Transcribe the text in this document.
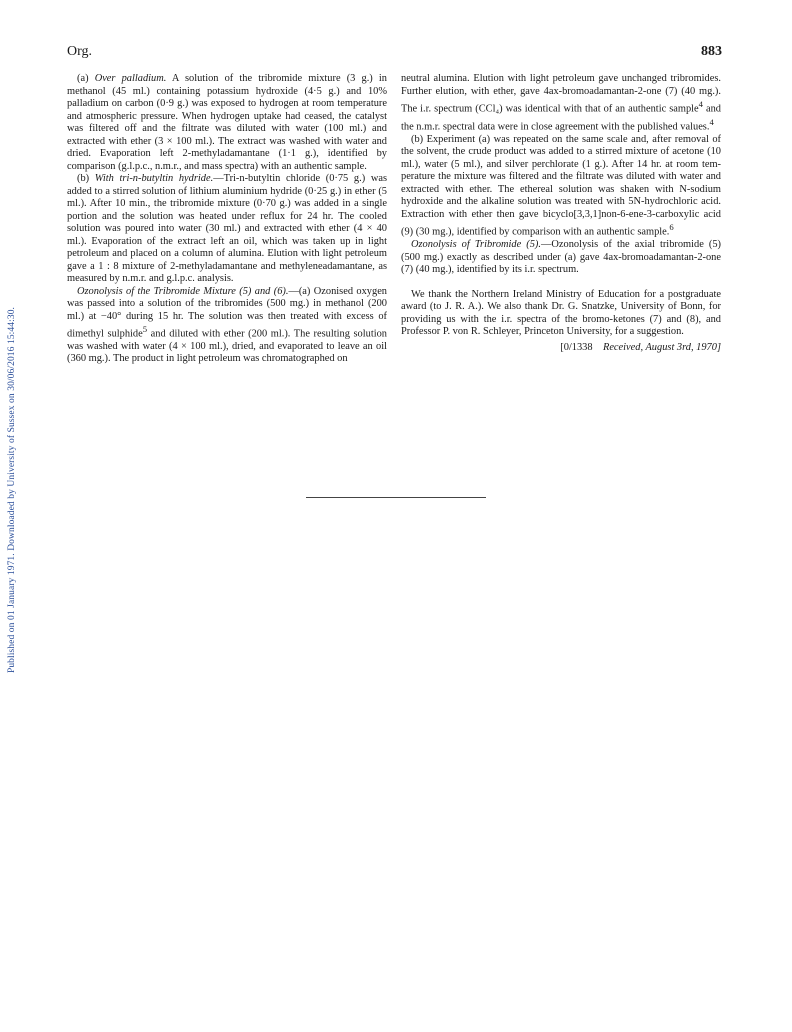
Published on 01 January 1971. Downloaded by University of Sussex on 30/06/2016 15:44:30.
Org.	883

(a) Over palladium. A solution of the tribromide mixture (3 g.) in methanol (45 ml.) containing potassium hydroxide (4·5 g.) and 10% palladium on carbon (0·9 g.) was exposed to hydrogen at room temperature and atmospheric pressure. When hydrogen uptake had ceased, the catalyst was filtered off and the filtrate was diluted with water (100 ml.) and extracted with ether (3 × 100 ml.). The extract was washed with water and dried. Evaporation left 2-methyladamantane (1·1 g.), identified by comparison (g.l.p.c., n.m.r., and mass spectra) with an authentic sample.

(b) With tri-n-butyltin hydride.—Tri-n-butyltin chloride (0·75 g.) was added to a stirred solution of lithium aluminium hydride (0·25 g.) in ether (5 ml.). After 10 min., the tribromide mixture (0·70 g.) was added in a single portion and the solution was heated under reflux for 24 hr. The cooled solution was poured into water (30 ml.) and extracted with ether (4 × 40 ml.). Evaporation of the extract left an oil, which was taken up in light petroleum and placed on a column of alumina. Elution with light petroleum gave a 1 : 8 mixture of 2-methyladamantane and methyleneadamantane, as measured by n.m.r. and g.l.p.c. analysis.

Ozonolysis of the Tribromide Mixture (5) and (6).—(a) Ozonised oxygen was passed into a solution of the tribromides (500 mg.) in methanol (200 ml.) at −40° during 15 hr. The solution was then treated with excess of dimethyl sulphide$^5$ and diluted with ether (200 ml.). The resulting solution was washed with water (4 × 100 ml.), dried, and evaporated to leave an oil (360 mg.). The product in light petroleum was chromatographed on

neutral alumina. Elution with light petroleum gave unchanged tribromides. Further elution, with ether, gave 4ax-bromoadamantan-2-one (7) (40 mg.). The i.r. spectrum (CCl₄) was identical with that of an authentic sample$^4$ and the n.m.r. spectral data were in close agreement with the published values.$^4$

(b) Experiment (a) was repeated on the same scale and, after removal of the solvent, the crude product was added to a stirred mixture of acetone (10 ml.), water (5 ml.), and silver perchlorate (1 g.). After 14 hr. at room temperature the mixture was filtered and the filtrate was diluted with water and extracted with ether. The ethereal solution was shaken with N-sodium hydroxide and the alkaline solution was treated with 5N-hydrochloric acid. Extraction with ether then gave bicyclo[3,3,1]non-6-ene-3-carboxylic acid (9) (30 mg.), identified by comparison with an authentic sample.$^6$

Ozonolysis of Tribromide (5).—Ozonolysis of the axial tribromide (5) (500 mg.) exactly as described under (a) gave 4ax-bromoadamantan-2-one (7) (40 mg.), identified by its i.r. spectrum.

We thank the Northern Ireland Ministry of Education for a postgraduate award (to J. R. A.). We also thank Dr. G. Snatzke, University of Bonn, for providing us with the i.r. spectra of the bromo-ketones (7) and (8), and Professor P. von R. Schleyer, Princeton University, for a suggestion.

[0/1338 Received, August 3rd, 1970]
